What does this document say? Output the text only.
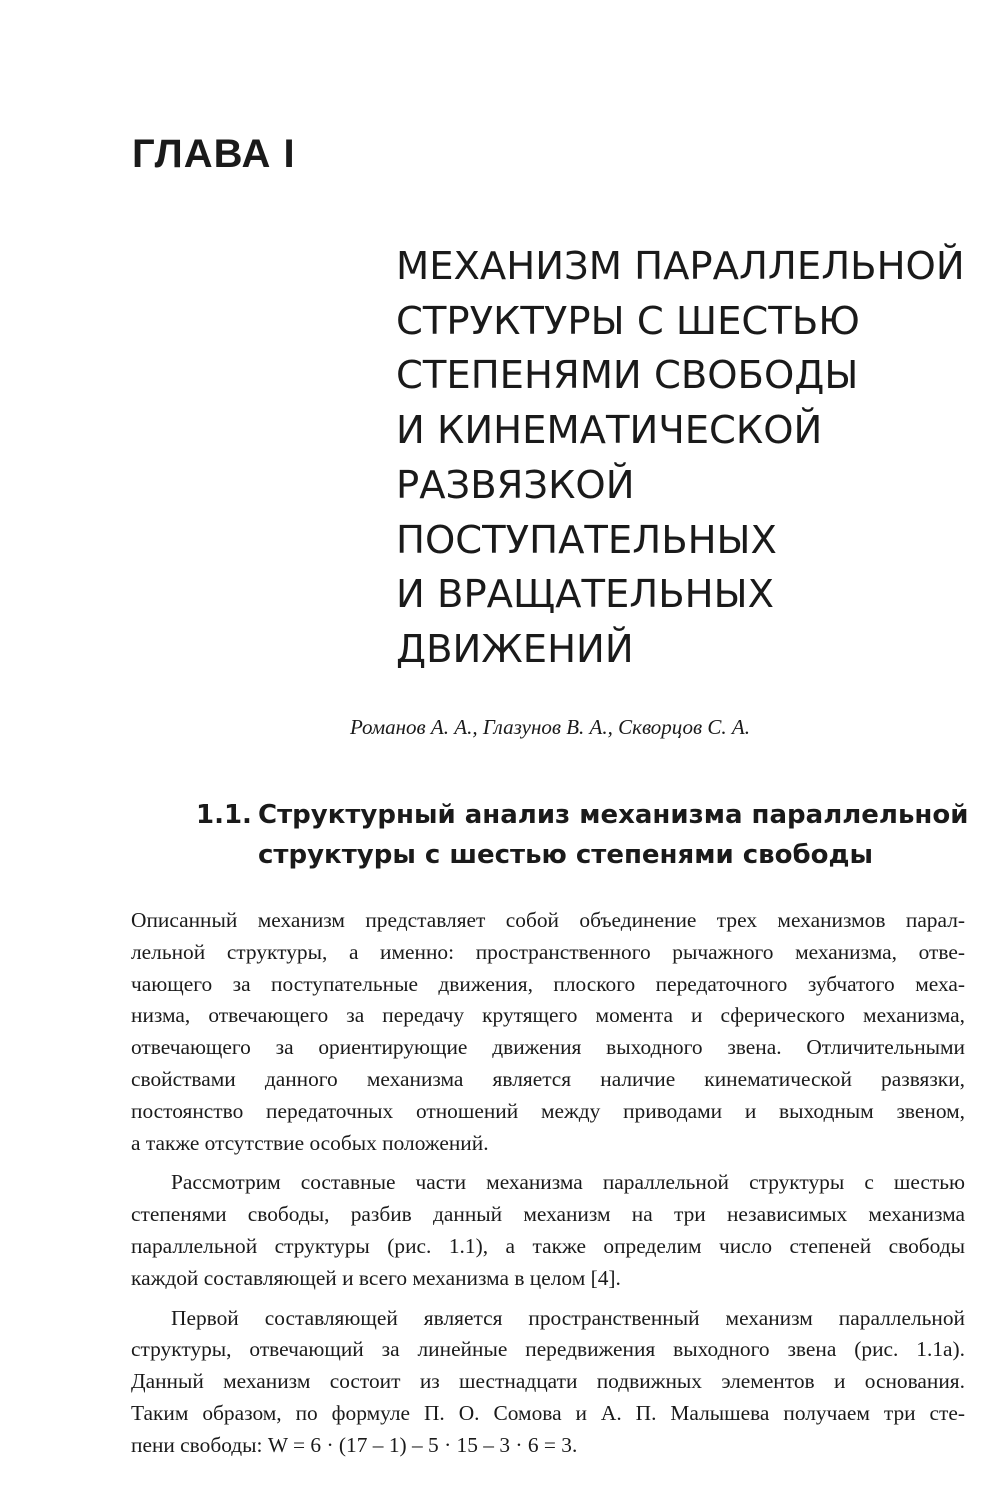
ГЛАВА I
МЕХАНИЗМ ПАРАЛЛЕЛЬНОЙ
СТРУКТУРЫ С ШЕСТЬЮ
СТЕПЕНЯМИ СВОБОДЫ
И КИНЕМАТИЧЕСКОЙ
РАЗВЯЗКОЙ
ПОСТУПАТЕЛЬНЫХ
И ВРАЩАТЕЛЬНЫХ
ДВИЖЕНИЙ
Романов А. А., Глазунов В. А., Скворцов С. А.
1.1. Структурный анализ механизма параллельной
структуры с шестью степенями свободы

Описанный механизм представляет собой объединение трех механизмов парал-
лельной структуры, а именно: пространственного рычажного механизма, отве-
чающего за поступательные движения, плоского передаточного зубчатого меха-
низма, отвечающего за передачу крутящего момента и сферического механизма,
отвечающего за ориентирующие движения выходного звена. Отличительными
свойствами данного механизма является наличие кинематической развязки,
постоянство передаточных отношений между приводами и выходным звеном,
а также отсутствие особых положений.

Рассмотрим составные части механизма параллельной структуры с шестью
степенями свободы, разбив данный механизм на три независимых механизма
параллельной структуры (рис. 1.1), а также определим число степеней свободы
каждой составляющей и всего механизма в целом [4].

Первой составляющей является пространственный механизм параллельной
структуры, отвечающий за линейные передвижения выходного звена (рис. 1.1a).
Данный механизм состоит из шестнадцати подвижных элементов и основания.
Таким образом, по формуле П. О. Сомова и А. П. Малышева получаем три сте-
пени свободы: W = 6 · (17 – 1) – 5 · 15 – 3 · 6 = 3.
